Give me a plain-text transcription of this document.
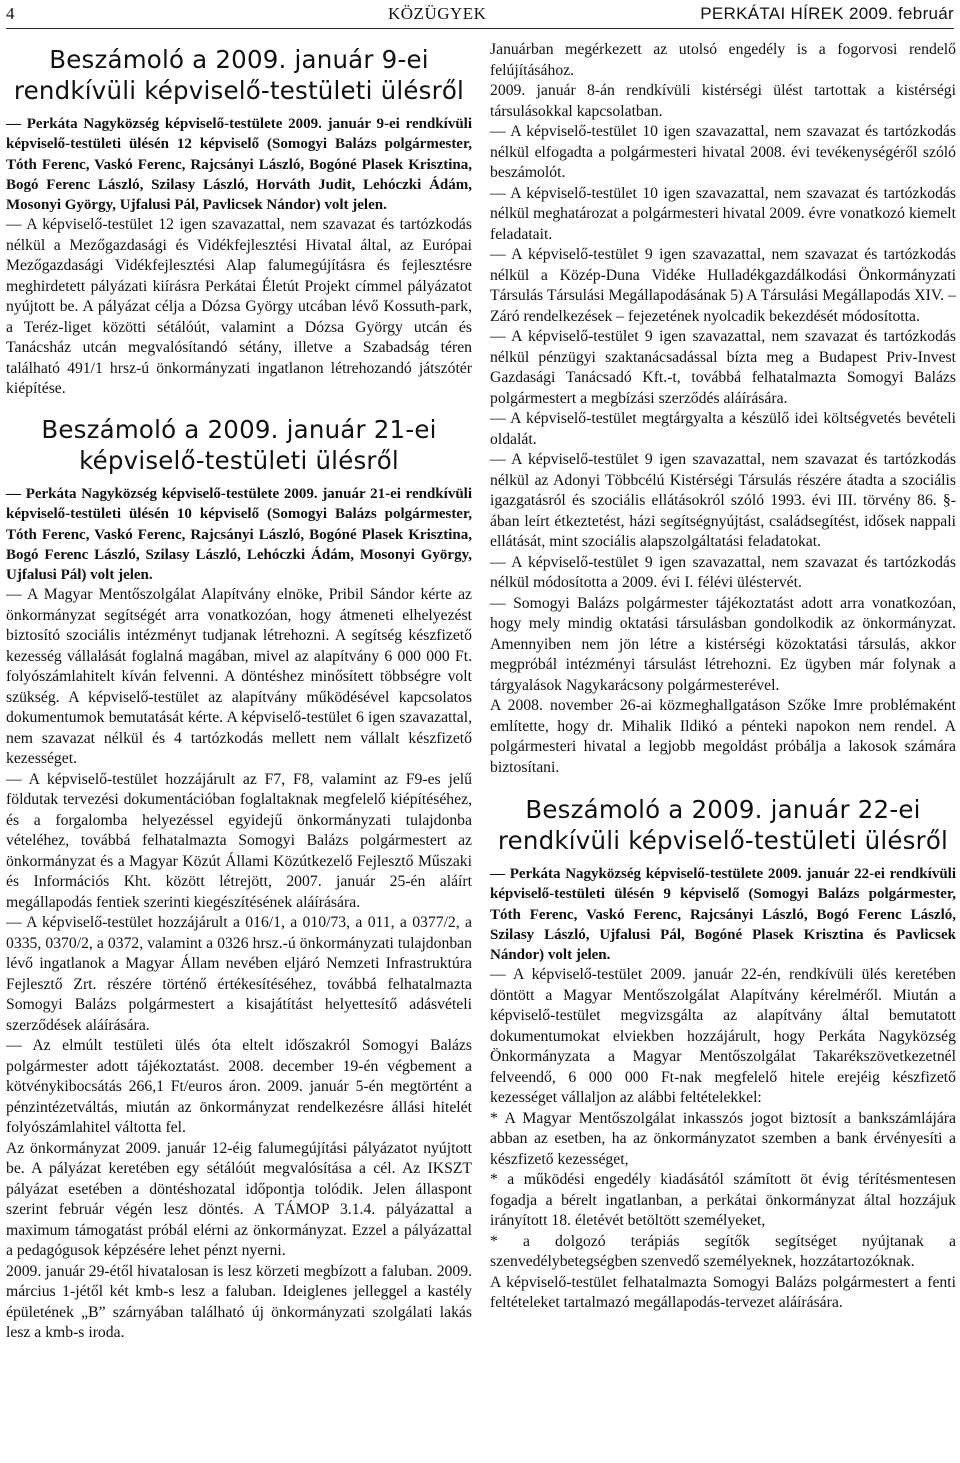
4	KÖZÜGYEK	PERKÁTAI HÍREK 2009. február
Beszámoló a 2009. január 9-ei
rendkívüli képviselő-testületi ülésről

— Perkáta Nagyközség képviselő-testülete 2009. január 9-ei rendkívüli képviselő-testületi ülésén 12 képviselő (Somogyi Balázs polgármester, Tóth Ferenc, Vaskó Ferenc, Rajcsányi László, Bogóné Plasek Krisztina, Bogó Ferenc László, Szilasy László, Horváth Judit, Lehóczki Ádám, Mosonyi György, Ujfalusi Pál, Pavlicsek Nándor) volt jelen.

— A képviselő-testület 12 igen szavazattal, nem szavazat és tartózkodás nélkül a Mezőgazdasági és Vidékfejlesztési Hivatal által, az Európai Mezőgazdasági Vidékfejlesztési Alap falumegújításra és fejlesztésre meghirdetett pályázati kiírásra Perkátai Életút Projekt címmel pályázatot nyújtott be. A pályázat célja a Dózsa György utcában lévő Kossuth-park, a Teréz-liget közötti sétálóút, valamint a Dózsa György utcán és Tanácsház utcán megvalósítandó sétány, illetve a Szabadság téren található 491/1 hrsz-ú önkormányzati ingatlanon létrehozandó játszótér kiépítése.

Beszámoló a 2009. január 21-ei
képviselő-testületi ülésről

— Perkáta Nagyközség képviselő-testülete 2009. január 21-ei rendkívüli képviselő-testületi ülésén 10 képviselő (Somogyi Balázs polgármester, Tóth Ferenc, Vaskó Ferenc, Rajcsányi László, Bogóné Plasek Krisztina, Bogó Ferenc László, Szilasy László, Lehóczki Ádám, Mosonyi György, Ujfalusi Pál) volt jelen.

— A Magyar Mentőszolgálat Alapítvány elnöke, Pribil Sándor kérte az önkormányzat segítségét arra vonatkozóan, hogy átmeneti elhelyezést biztosító szociális intézményt tudjanak létrehozni. A segítség készfizető kezesség vállalását foglalná magában, mivel az alapítvány 6 000 000 Ft. folyószámlahitelt kíván felvenni. A döntéshez minősített többségre volt szükség. A képviselő-testület az alapítvány működésével kapcsolatos dokumentumok bemutatását kérte. A képviselő-testület 6 igen szavazattal, nem szavazat nélkül és 4 tartózkodás mellett nem vállalt készfizető kezességet.

— A képviselő-testület hozzájárult az F7, F8, valamint az F9-es jelű földutak tervezési dokumentációban foglaltaknak megfelelő kiépítéséhez, és a forgalomba helyezéssel egyidejű önkormányzati tulajdonba vételéhez, továbbá felhatalmazta Somogyi Balázs polgármestert az önkormányzat és a Magyar Közút Állami Közútkezelő Fejlesztő Műszaki és Információs Kht. között létrejött, 2007. január 25-én aláírt megállapodás fentiek szerinti kiegészítésének aláírására.

— A képviselő-testület hozzájárult a 016/1, a 010/73, a 011, a 0377/2, a 0335, 0370/2, a 0372, valamint a 0326 hrsz.-ú önkormányzati tulajdonban lévő ingatlanok a Magyar Állam nevében eljáró Nemzeti Infrastruktúra Fejlesztő Zrt. részére történő értékesítéséhez, továbbá felhatalmazta Somogyi Balázs polgármestert a kisajátítást helyettesítő adásvételi szerződések aláírására.

— Az elmúlt testületi ülés óta eltelt időszakról Somogyi Balázs polgármester adott tájékoztatást. 2008. december 19-én végbement a kötvénykibocsátás 266,1 Ft/euros áron. 2009. január 5-én megtörtént a pénzintézetváltás, miután az önkormányzat rendelkezésre állási hitelét folyószámlahitel váltotta fel.

Az önkormányzat 2009. január 12-éig falumegújítási pályázatot nyújtott be. A pályázat keretében egy sétálóút megvalósítása a cél. Az IKSZT pályázat esetében a döntéshozatal időpontja tolódik. Jelen állaspont szerint február végén lesz döntés. A TÁMOP 3.1.4. pályázattal a maximum támogatást próbál elérni az önkormányzat. Ezzel a pályázattal a pedagógusok képzésére lehet pénzt nyerni.

2009. január 29-étől hivatalosan is lesz körzeti megbízott a faluban. 2009. március 1-jétől két kmb-s lesz a faluban. Ideiglenes jelleggel a kastély épületének „B” szárnyában található új önkormányzati szolgálati lakás lesz a kmb-s iroda.

Januárban megérkezett az utolsó engedély is a fogorvosi rendelő felújításához.

2009. január 8-án rendkívüli kistérségi ülést tartottak a kistérségi társulásokkal kapcsolatban.

— A képviselő-testület 10 igen szavazattal, nem szavazat és tartózkodás nélkül elfogadta a polgármesteri hivatal 2008. évi tevékenységéről szóló beszámolót.

— A képviselő-testület 10 igen szavazattal, nem szavazat és tartózkodás nélkül meghatározat a polgármesteri hivatal 2009. évre vonatkozó kiemelt feladatait.

— A képviselő-testület 9 igen szavazattal, nem szavazat és tartózkodás nélkül a Közép-Duna Vidéke Hulladékgazdálkodási Önkormányzati Társulás Társulási Megállapodásának 5) A Társulási Megállapodás XIV. – Záró rendelkezések – fejezetének nyolcadik bekezdését módosította.

— A képviselő-testület 9 igen szavazattal, nem szavazat és tartózkodás nélkül pénzügyi szaktanácsadással bízta meg a Budapest Priv-Invest Gazdasági Tanácsadó Kft.-t, továbbá felhatalmazta Somogyi Balázs polgármestert a megbízási szerződés aláírására.

— A képviselő-testület megtárgyalta a készülő idei költségvetés bevételi oldalát.

— A képviselő-testület 9 igen szavazattal, nem szavazat és tartózkodás nélkül az Adonyi Többcélú Kistérségi Társulás részére átadta a szociális igazgatásról és szociális ellátásokról szóló 1993. évi III. törvény 86. §-ában leírt étkeztetést, házi segítségnyújtást, családsegítést, idősek nappali ellátását, mint szociális alapszolgáltatási feladatokat.

— A képviselő-testület 9 igen szavazattal, nem szavazat és tartózkodás nélkül módosította a 2009. évi I. félévi üléstervét.

— Somogyi Balázs polgármester tájékoztatást adott arra vonatkozóan, hogy mely mindig oktatási társulásban gondolkodik az önkormányzat. Amennyiben nem jön létre a kistérségi közoktatási társulás, akkor megpróbál intézményi társulást létrehozni. Ez ügyben már folynak a tárgyalások Nagykarácsony polgármesterével.

A 2008. november 26-ai közmeghallgatáson Szőke Imre problémaként említette, hogy dr. Mihalik Ildikó a pénteki napokon nem rendel. A polgármesteri hivatal a legjobb megoldást próbálja a lakosok számára biztosítani.

Beszámoló a 2009. január 22-ei
rendkívüli képviselő-testületi ülésről

— Perkáta Nagyközség képviselő-testülete 2009. január 22-ei rendkívüli képviselő-testületi ülésén 9 képviselő (Somogyi Balázs polgármester, Tóth Ferenc, Vaskó Ferenc, Rajcsányi László, Bogó Ferenc László, Szilasy László, Ujfalusi Pál, Bogóné Plasek Krisztina és Pavlicsek Nándor) volt jelen.

— A képviselő-testület 2009. január 22-én, rendkívüli ülés keretében döntött a Magyar Mentőszolgálat Alapítvány kérelméről. Miután a képviselő-testület megvizsgálta az alapítvány által bemutatott dokumentumokat elviekben hozzájárult, hogy Perkáta Nagyközség Önkormányzata a Magyar Mentőszolgálat Takarékszövetkezetnél felveendő, 6 000 000 Ft-nak megfelelő hitele erejéig készfizető kezességet vállaljon az alábbi feltételekkel:

* A Magyar Mentőszolgálat inkasszós jogot biztosít a bankszámlájára abban az esetben, ha az önkormányzatot szemben a bank érvényesíti a készfizető kezességet,

* a működési engedély kiadásától számított öt évig térítésmentesen fogadja a bérelt ingatlanban, a perkátai önkormányzat által hozzájuk irányított 18. életévét betöltött személyeket,

* a dolgozó terápiás segítők segítséget nyújtanak a szenvedélybetegségben szenvedő személyeknek, hozzátartozóknak.

A képviselő-testület felhatalmazta Somogyi Balázs polgármestert a fenti feltételeket tartalmazó megállapodás-tervezet aláírására.
